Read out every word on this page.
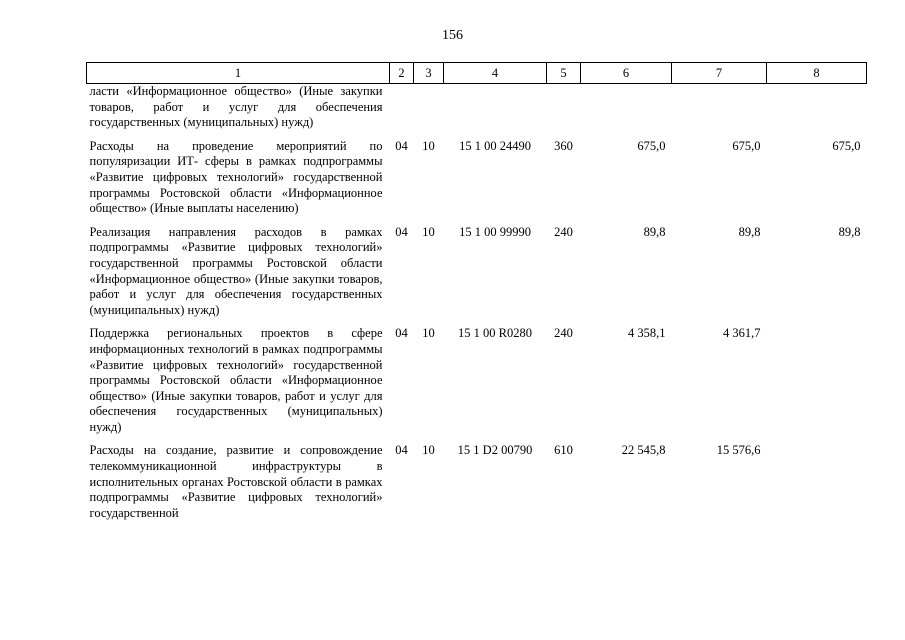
156
1	2	3	4	5	6	7	8
ласти «Информационное общество» (Иные закупки товаров, работ и услуг для обеспечения государственных (муниципальных) нужд)							
Расходы на проведение мероприятий по популяризации ИТ- сферы в рамках подпрограммы «Развитие цифровых технологий» государственной программы Ростовской области «Информационное общество» (Иные выплаты населению)	04	10	15 1 00 24490	360	675,0	675,0	675,0
Реализация направления расходов в рамках подпрограммы «Развитие цифровых технологий» государственной программы Ростовской области «Информационное общество» (Иные закупки товаров, работ и услуг для обеспечения государственных (муниципальных) нужд)	04	10	15 1 00 99990	240	89,8	89,8	89,8
Поддержка региональных проектов в сфере информационных технологий в рамках подпрограммы «Развитие цифровых технологий» государственной программы Ростовской области «Информационное общество» (Иные закупки товаров, работ и услуг для обеспечения государственных (муниципальных) нужд)	04	10	15 1 00 R0280	240	4 358,1	4 361,7	
Расходы на создание, развитие и сопровождение телекоммуникационной инфраструктуры в исполнительных органах Ростовской области в рамках подпрограммы «Развитие цифровых технологий» государственной	04	10	15 1 D2 00790	610	22 545,8	15 576,6	
